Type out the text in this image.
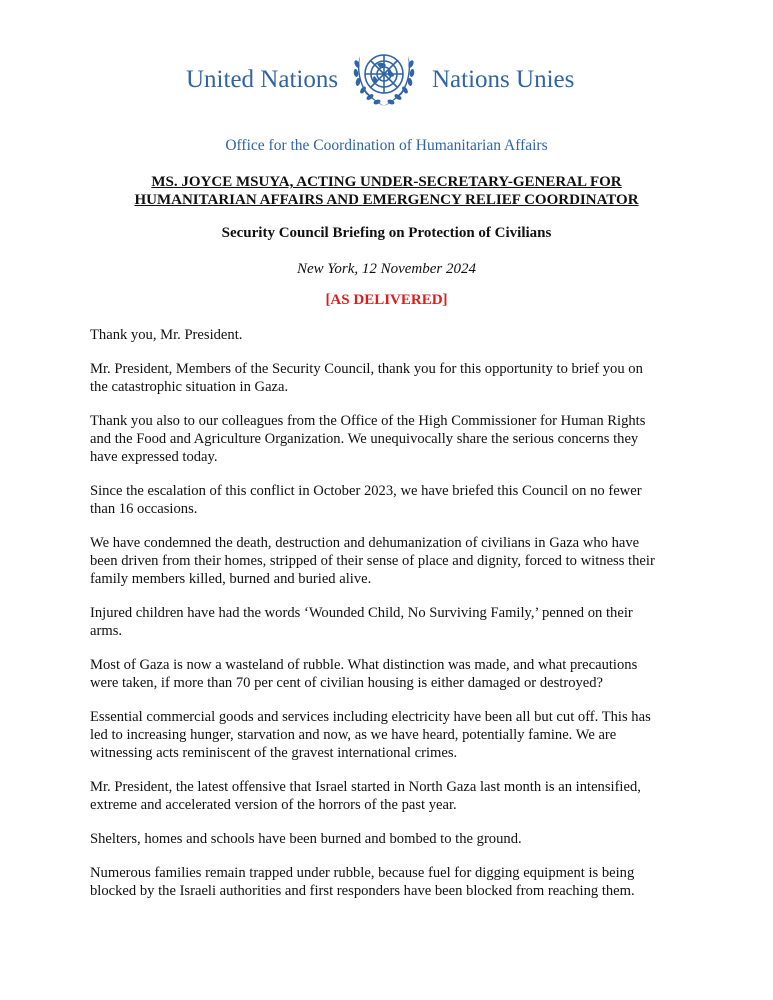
United Nations	Nations Unies
Office for the Coordination of Humanitarian Affairs
MS. JOYCE MSUYA, ACTING UNDER-SECRETARY-GENERAL FOR
HUMANITARIAN AFFAIRS AND EMERGENCY RELIEF COORDINATOR
Security Council Briefing on Protection of Civilians
New York, 12 November 2024
[AS DELIVERED]

Thank you, Mr. President.

Mr. President, Members of the Security Council, thank you for this opportunity to brief you on
the catastrophic situation in Gaza.

Thank you also to our colleagues from the Office of the High Commissioner for Human Rights
and the Food and Agriculture Organization. We unequivocally share the serious concerns they
have expressed today.

Since the escalation of this conflict in October 2023, we have briefed this Council on no fewer
than 16 occasions.

We have condemned the death, destruction and dehumanization of civilians in Gaza who have
been driven from their homes, stripped of their sense of place and dignity, forced to witness their
family members killed, burned and buried alive.

Injured children have had the words ‘Wounded Child, No Surviving Family,’ penned on their
arms.

Most of Gaza is now a wasteland of rubble. What distinction was made, and what precautions
were taken, if more than 70 per cent of civilian housing is either damaged or destroyed?

Essential commercial goods and services including electricity have been all but cut off. This has
led to increasing hunger, starvation and now, as we have heard, potentially famine. We are
witnessing acts reminiscent of the gravest international crimes.

Mr. President, the latest offensive that Israel started in North Gaza last month is an intensified,
extreme and accelerated version of the horrors of the past year.

Shelters, homes and schools have been burned and bombed to the ground.

Numerous families remain trapped under rubble, because fuel for digging equipment is being
blocked by the Israeli authorities and first responders have been blocked from reaching them.
